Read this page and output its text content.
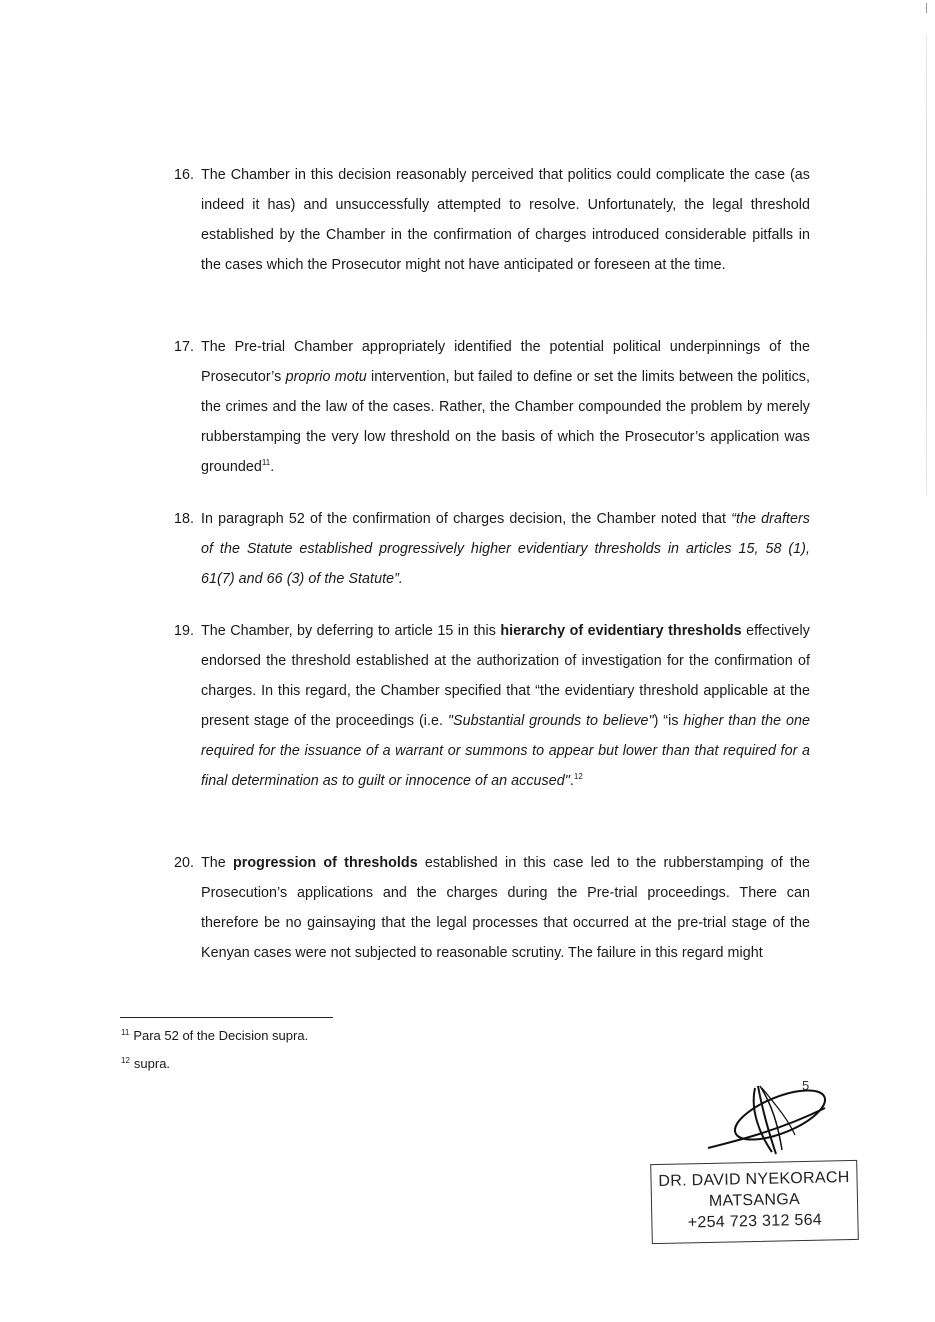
16. The Chamber in this decision reasonably perceived that politics could complicate the case (as indeed it has) and unsuccessfully attempted to resolve. Unfortunately, the legal threshold established by the Chamber in the confirmation of charges introduced considerable pitfalls in the cases which the Prosecutor might not have anticipated or foreseen at the time.
17. The Pre-trial Chamber appropriately identified the potential political underpinnings of the Prosecutor’s proprio motu intervention, but failed to define or set the limits between the politics, the crimes and the law of the cases. Rather, the Chamber compounded the problem by merely rubberstamping the very low threshold on the basis of which the Prosecutor’s application was grounded$^{11}$.
18. In paragraph 52 of the confirmation of charges decision, the Chamber noted that “the drafters of the Statute established progressively higher evidentiary thresholds in articles 15, 58 (1), 61(7) and 66 (3) of the Statute”.
19. The Chamber, by deferring to article 15 in this hierarchy of evidentiary thresholds effectively endorsed the threshold established at the authorization of investigation for the confirmation of charges. In this regard, the Chamber specified that “the evidentiary threshold applicable at the present stage of the proceedings (i.e. "Substantial grounds to believe") “is higher than the one required for the issuance of a warrant or summons to appear but lower than that required for a final determination as to guilt or innocence of an accused".$^{12}$
20. The progression of thresholds established in this case led to the rubberstamping of the Prosecution’s applications and the charges during the Pre-trial proceedings. There can therefore be no gainsaying that the legal processes that occurred at the pre-trial stage of the Kenyan cases were not subjected to reasonable scrutiny. The failure in this regard might
$^{11}$ Para 52 of the Decision supra.
$^{12}$ supra.
5
DR. DAVID NYEKORACH
MATSANGA
+254 723 312 564
